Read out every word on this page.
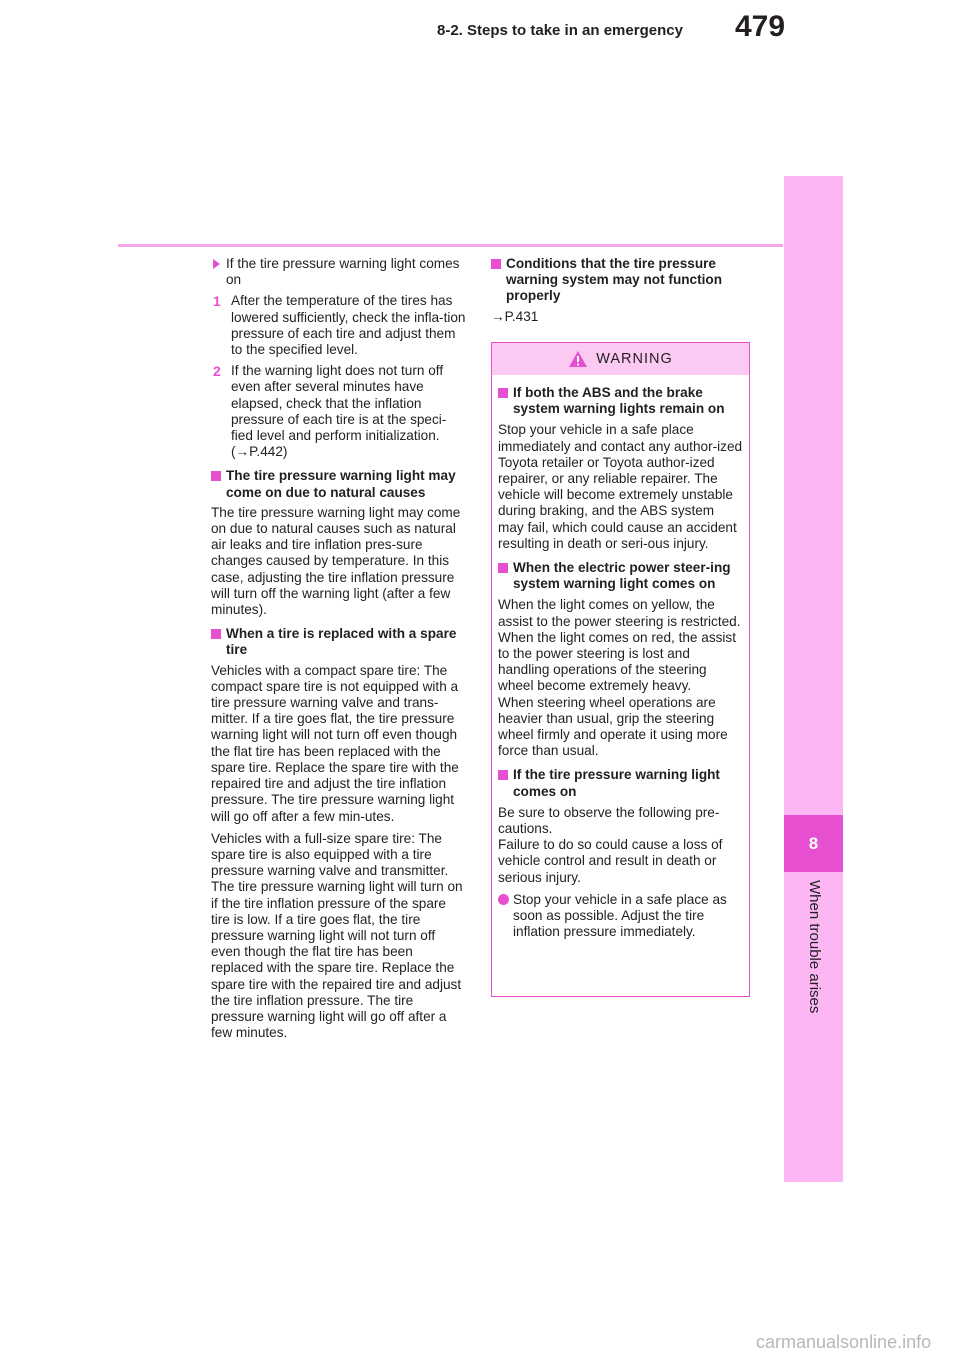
479
8-2. Steps to take in an emergency
8
When trouble arises
If the tire pressure warning light comes on
1 After the temperature of the tires has lowered sufficiently, check the infla-tion pressure of each tire and adjust them to the specified level.
2 If the warning light does not turn off even after several minutes have elapsed, check that the inflation pressure of each tire is at the speci-fied level and perform initialization. (→P.442)
The tire pressure warning light may come on due to natural causes

The tire pressure warning light may come on due to natural causes such as natural air leaks and tire inflation pres-sure changes caused by temperature. In this case, adjusting the tire inflation pressure will turn off the warning light (after a few minutes).

When a tire is replaced with a spare tire

Vehicles with a compact spare tire: The compact spare tire is not equipped with a tire pressure warning valve and trans-mitter. If a tire goes flat, the tire pressure warning light will not turn off even though the flat tire has been replaced with the spare tire. Replace the spare tire with the repaired tire and adjust the tire inflation pressure. The tire pressure warning light will go off after a few min-utes.

Vehicles with a full-size spare tire: The spare tire is also equipped with a tire pressure warning valve and transmitter. The tire pressure warning light will turn on if the tire inflation pressure of the spare tire is low. If a tire goes flat, the tire pressure warning light will not turn off even though the flat tire has been replaced with the spare tire. Replace the spare tire with the repaired tire and adjust the tire inflation pressure. The tire pressure warning light will go off after a few minutes.

Conditions that the tire pressure warning system may not function properly

→P.431

WARNING
If both the ABS and the brake system warning lights remain on

Stop your vehicle in a safe place immediately and contact any author-ized Toyota retailer or Toyota author-ized repairer, or any reliable repairer. The vehicle will become extremely unstable during braking, and the ABS system may fail, which could cause an accident resulting in death or seri-ous injury.

When the electric power steer-ing system warning light comes on

When the light comes on yellow, the assist to the power steering is restricted. When the light comes on red, the assist to the power steering is lost and handling operations of the steering wheel become extremely heavy.
When steering wheel operations are heavier than usual, grip the steering wheel firmly and operate it using more force than usual.

If the tire pressure warning light comes on

Be sure to observe the following pre-cautions.
Failure to do so could cause a loss of vehicle control and result in death or serious injury.

Stop your vehicle in a safe place as soon as possible. Adjust the tire inflation pressure immediately.
carmanualsonline.info
